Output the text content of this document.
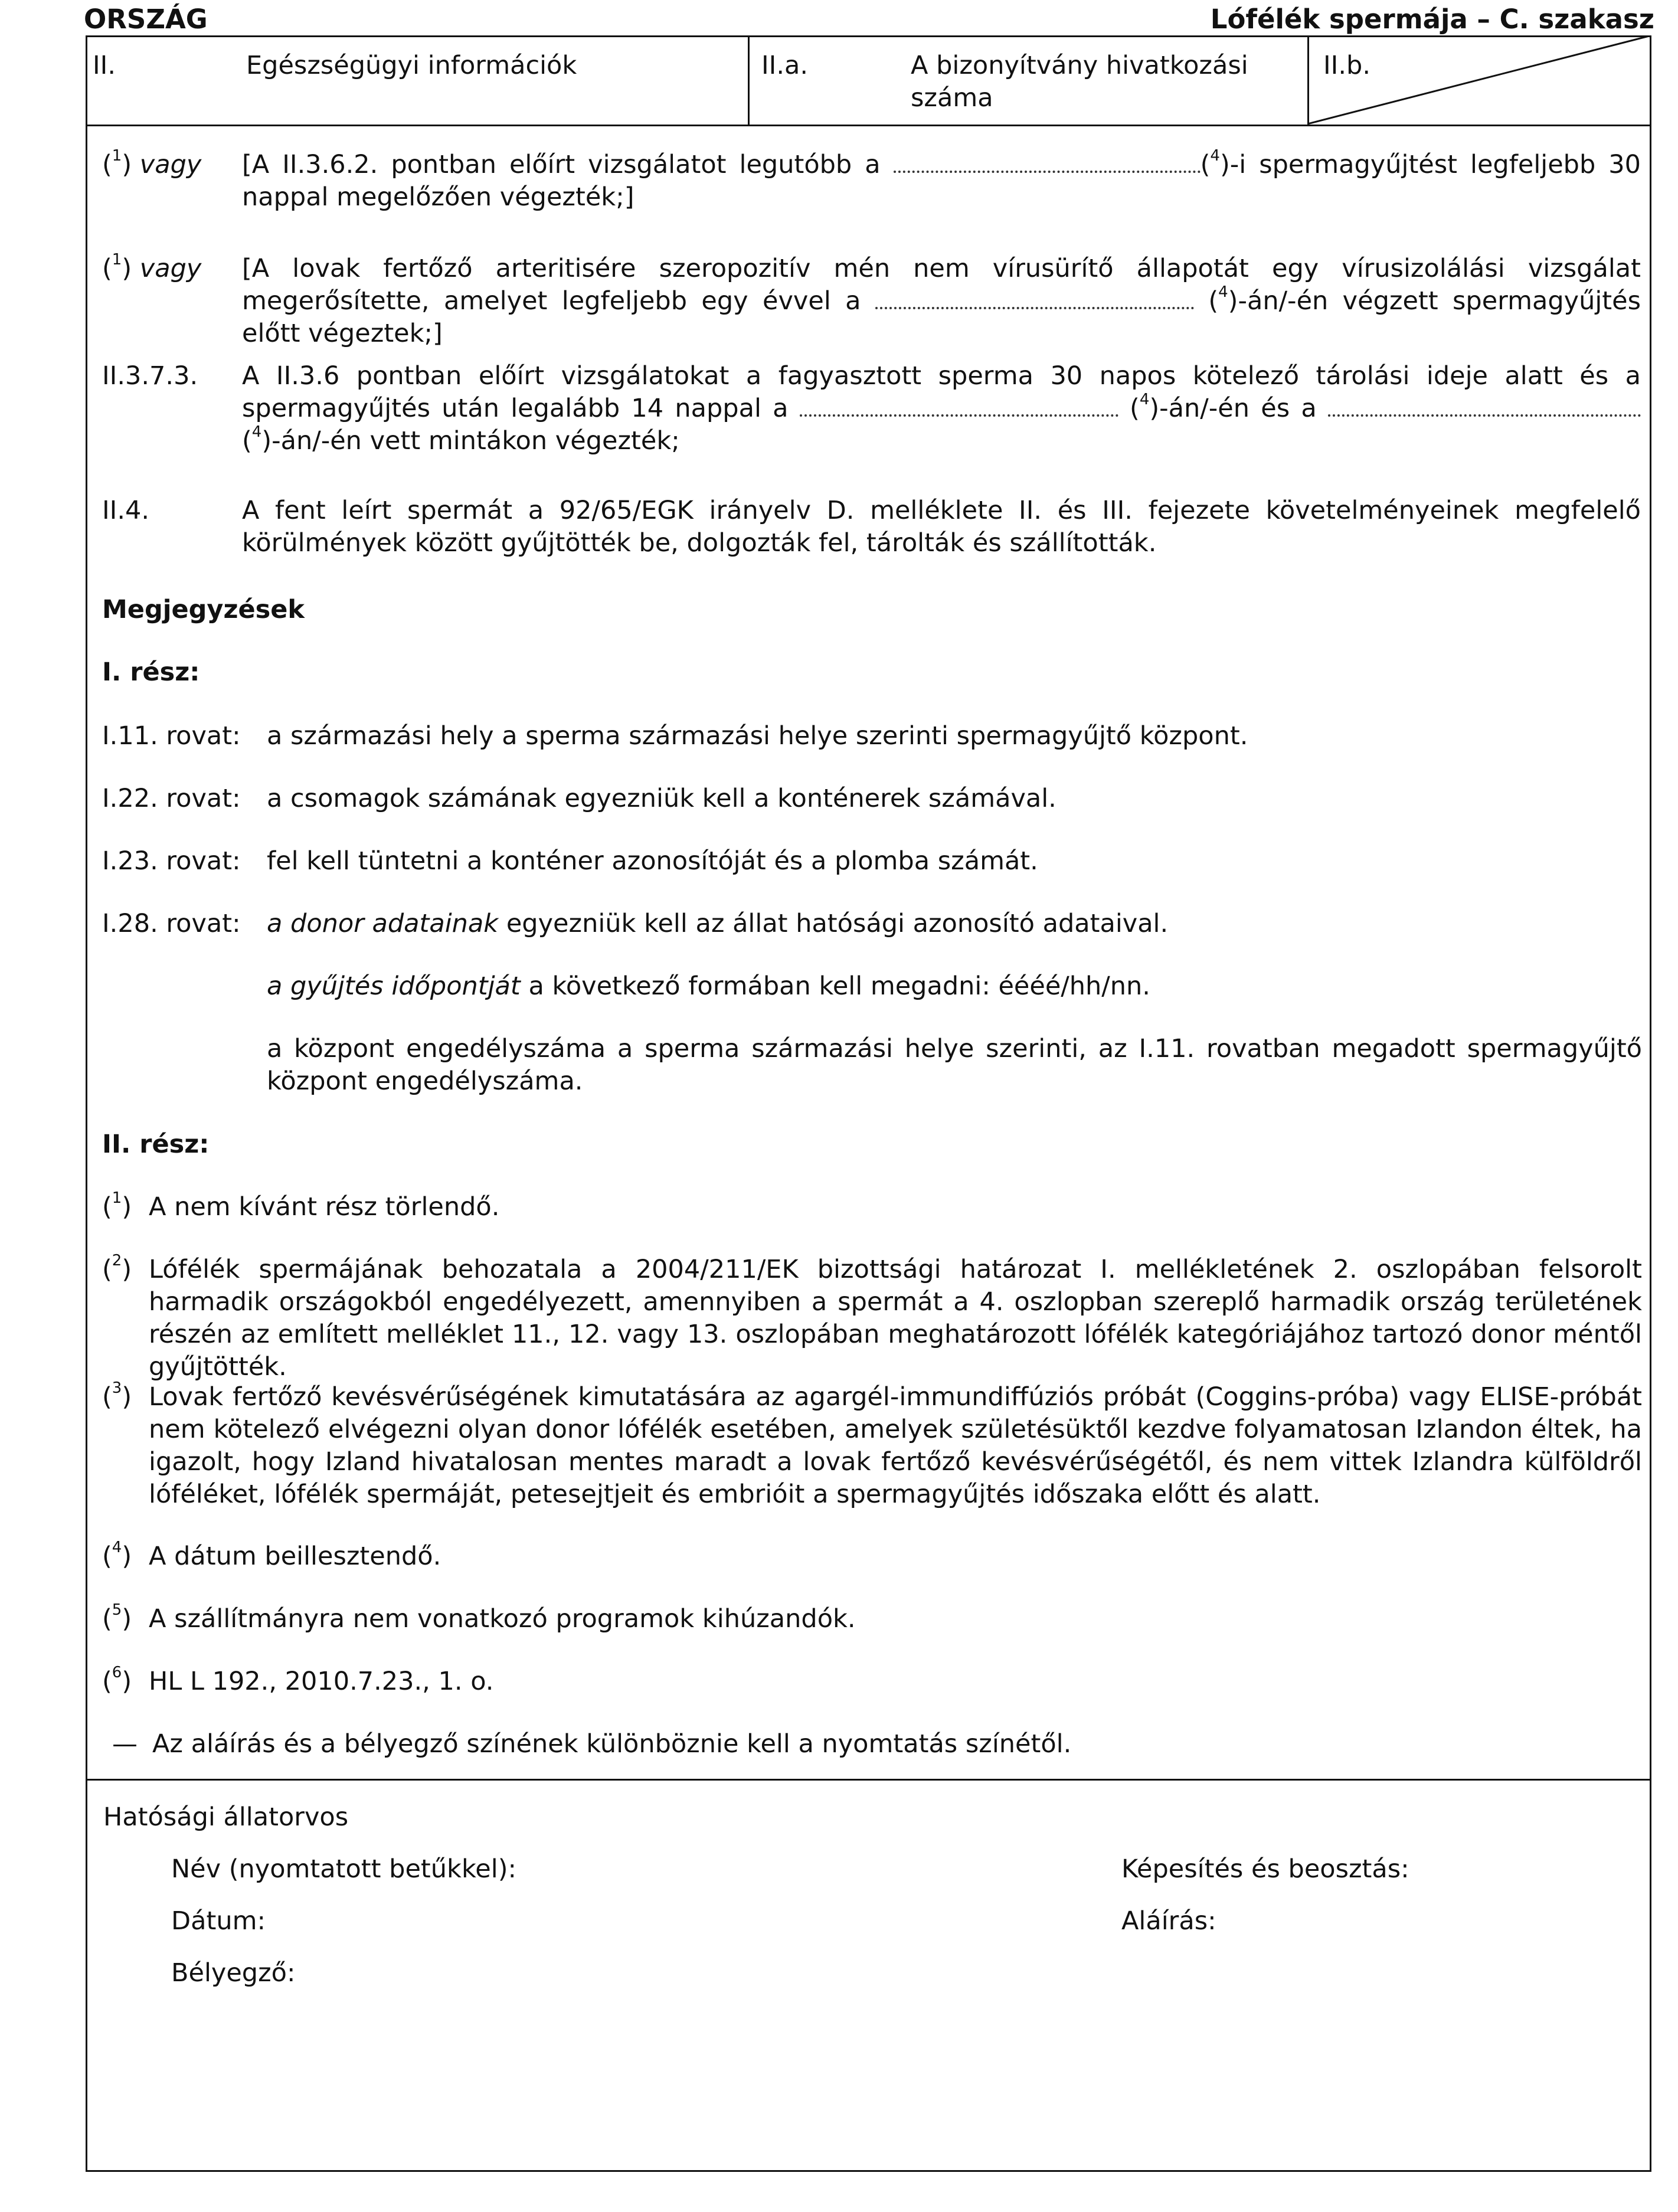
ORSZÁG	Lófélék spermája – C. szakasz
II.	Egészségügyi információk	II.a.	A bizonyítvány hivatkozási száma
II.b.
($^1$) vagy [A II.3.6.2. pontban előírt vizsgálatot legutóbb a	($^4$)-i spermagyűjtést legfeljebb 30 nappal megelőzően végezték;]
($^1$) vagy [A lovak fertőző arteritisére szeropozitív mén nem vírusürítő állapotát egy vírusizolálási vizsgálat megerősítette, amelyet legfeljebb egy évvel a	($^4$)-án/-én végzett spermagyűjtés előtt végeztek;]
II.3.7.3. A II.3.6 pontban előírt vizsgálatokat a fagyasztott sperma 30 napos kötelező tárolási ideje alatt és a spermagyűjtés után legalább 14 nappal a	($^4$)-án/-én és a  ($^4$)-án/-én vett mintákon végezték;
II.4.	A fent leírt spermát a 92/65/EGK irányelv D. melléklete II. és III. fejezete követelményeinek megfelelő körülmények között gyűjtötték be, dolgozták fel, tárolták és szállították.
Megjegyzések
I. rész:
I.11. rovat: a származási hely a sperma származási helye szerinti spermagyűjtő központ.
I.22. rovat: a csomagok számának egyezniük kell a konténerek számával.
I.23. rovat: fel kell tüntetni a konténer azonosítóját és a plomba számát.
I.28. rovat: a donor adatainak egyezniük kell az állat hatósági azonosító adataival.
a gyűjtés időpontját a következő formában kell megadni: éééé/hh/nn.
a központ engedélyszáma a sperma származási helye szerinti, az I.11. rovatban megadott spermagyűjtő központ engedélyszáma.
II. rész:
($^1$) A nem kívánt rész törlendő.
($^2$) Lófélék spermájának behozatala a 2004/211/EK bizottsági határozat I. mellékletének 2. oszlopában felsorolt harmadik országokból engedélyezett, amennyiben a spermát a 4. oszlopban szereplő harmadik ország területének részén az említett melléklet 11., 12. vagy 13. oszlopában meghatározott lófélék kategóriájához tartozó donor méntől gyűjtötték.
($^3$) Lovak fertőző kevésvérűségének kimutatására az agargél-immundiffúziós próbát (Coggins-próba) vagy ELISE-próbát nem kötelező elvégezni olyan donor lófélék esetében, amelyek születésüktől kezdve folyamatosan Izlandon éltek, ha igazolt, hogy Izland hivatalosan mentes maradt a lovak fertőző kevésvérűségétől, és nem vittek Izlandra külföldről lóféléket, lófélék spermáját, petesejtjeit és embrióit a spermagyűjtés időszaka előtt és alatt.
($^4$) A dátum beillesztendő.
($^5$) A szállítmányra nem vonatkozó programok kihúzandók.
($^6$) HL L 192., 2010.7.23., 1. o.
— Az aláírás és a bélyegző színének különböznie kell a nyomtatás színétől.
Hatósági állatorvos
Név (nyomtatott betűkkel):	Képesítés és beosztás:
Dátum:	Aláírás:
Bélyegző:
